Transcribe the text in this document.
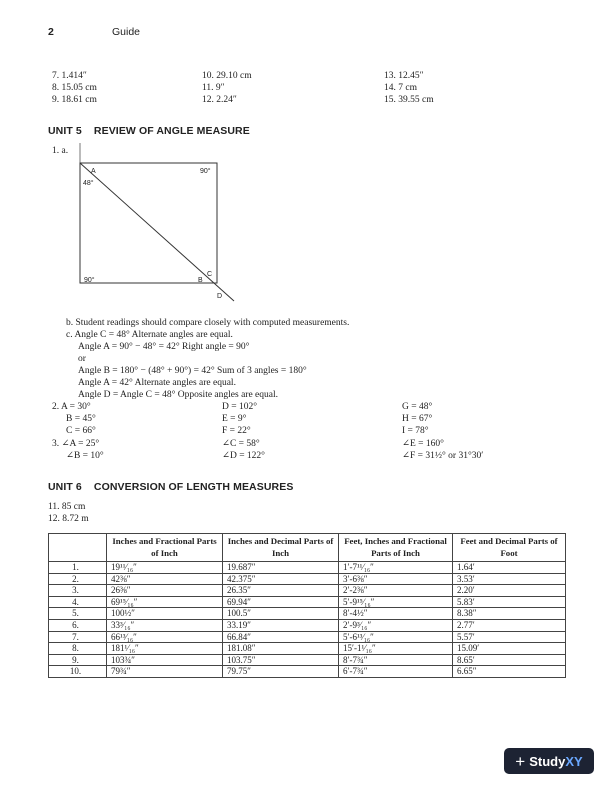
2	Guide
7. 1.414″	10. 29.10 cm	13. 12.45″
8. 15.05 cm	11. 9″	14. 7 cm
9. 18.61 cm	12. 2.24″	15. 39.55 cm
UNIT 5    REVIEW OF ANGLE MEASURE
1. a.
A
48°
90°
90°	B
C
D
b. Student readings should compare closely with computed measurements.
c. Angle C = 48° Alternate angles are equal.
Angle A = 90° − 48° = 42° Right angle = 90°
or
Angle B = 180° − (48° + 90°) = 42° Sum of 3 angles = 180°
Angle A = 42° Alternate angles are equal.
Angle D = Angle C = 48° Opposite angles are equal.
2. A = 30°	D = 102°	G = 48°
B = 45°	E = 9°	H = 67°
C = 66°	F = 22°	I = 78°
3. ∠A = 25°	∠C = 58°	∠E = 160°
∠B = 10°	∠D = 122°	∠F = 31½° or 31°30′
UNIT 6    CONVERSION OF LENGTH MEASURES
11. 85 cm
12. 8.72 m
	Inches and Fractional Parts of Inch	Inches and Decimal Parts of Inch	Feet, Inches and Fractional Parts of Inch	Feet and Decimal Parts of Foot
1.	19¹¹⁄₁₆″	19.687″	1′-7¹¹⁄₁₆″	1.64′
2.	42⅜″	42.375″	3′-6⅜″	3.53′
3.	26⅜″	26.35″	2′-2⅜″	2.20′
4.	69¹⁵⁄₁₆″	69.94″	5′-9¹⁵⁄₁₆″	5.83′
5.	100½″	100.5″	8′-4½″	8.38″
6.	33³⁄₁₆″	33.19″	2′-9³⁄₁₆″	2.77′
7.	66¹³⁄₁₆″	66.84″	5′-6¹³⁄₁₆″	5.57′
8.	181¹⁄₁₆″	181.08″	15′-1¹⁄₁₆″	15.09′
9.	103¾″	103.75″	8′-7¾″	8.65′
10.	79¾″	79.75″	6′-7¾″	6.65″
+ StudyXY
